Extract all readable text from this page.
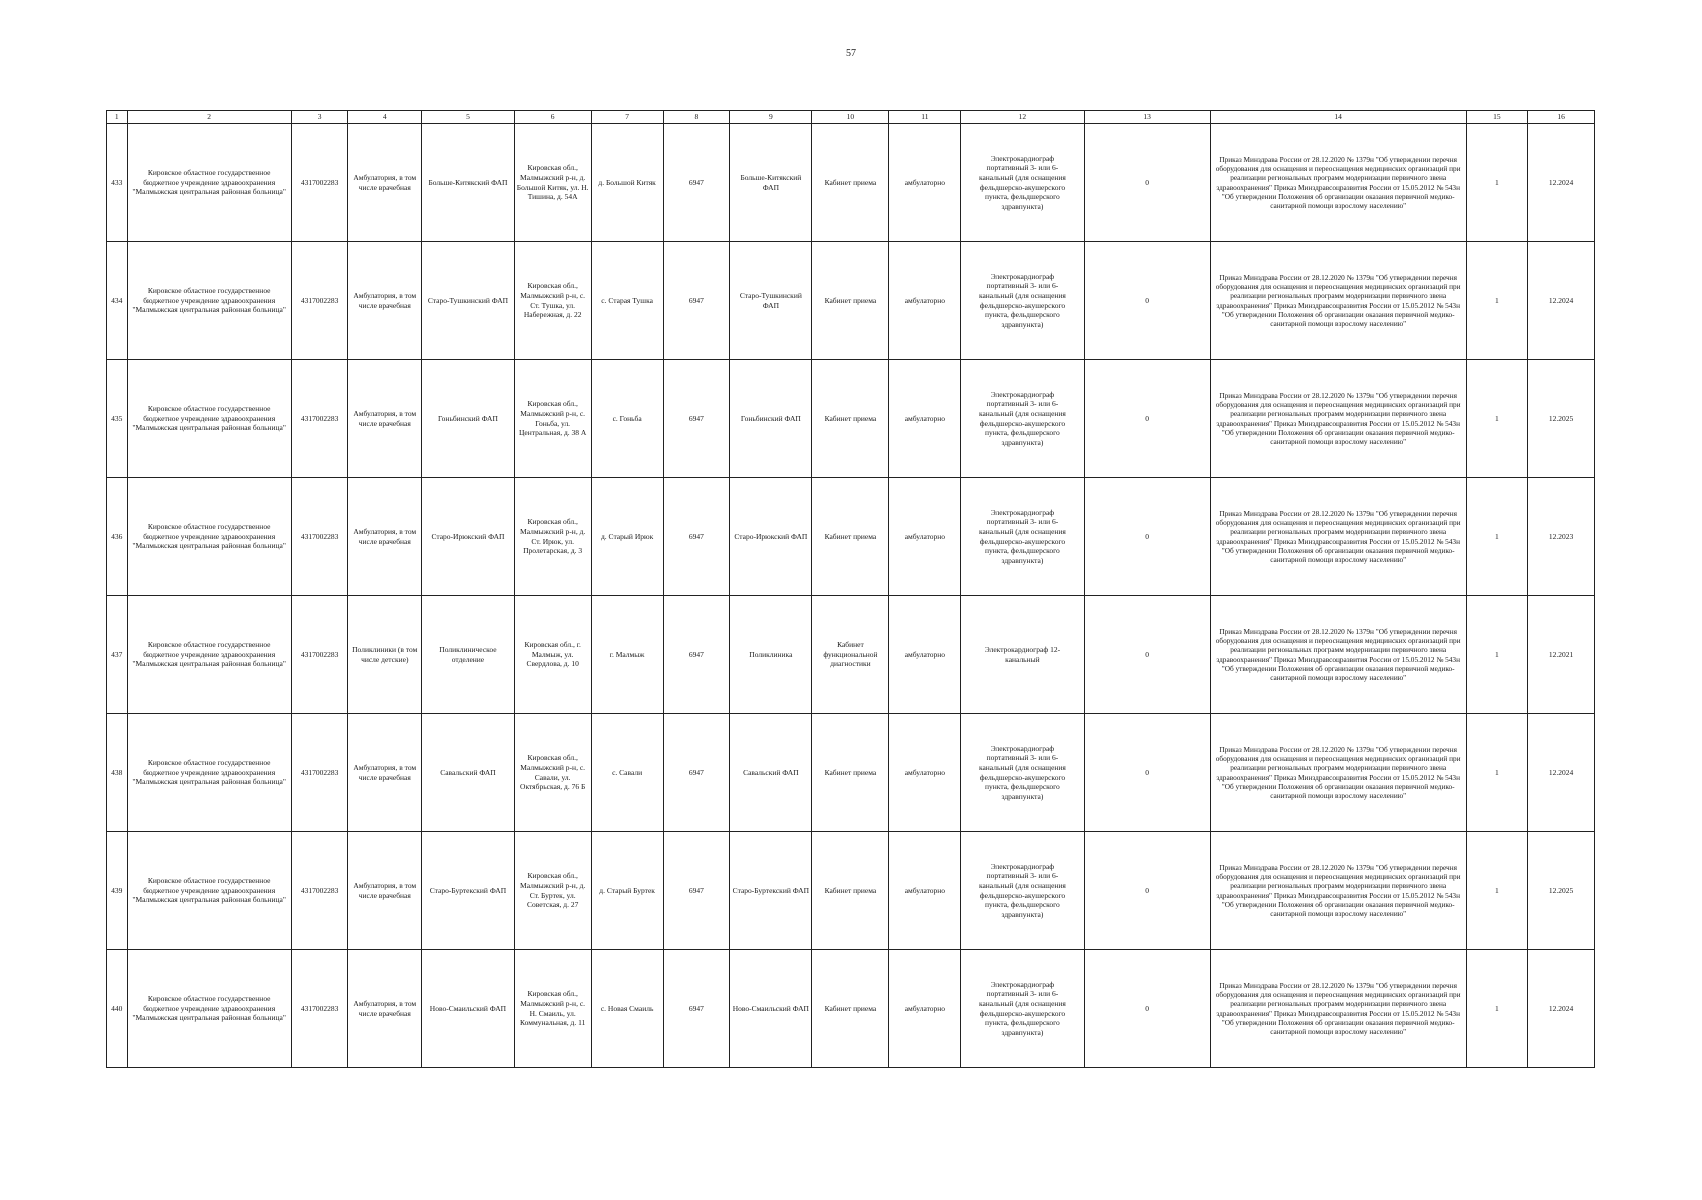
57
1	2	3	4	5	6	7	8	9	10	11	12	13	14	15	16
433	Кировское областное государственное бюджетное учреждение здравоохранения "Малмыжская центральная районная больница"	4317002283	Амбулатория, в том числе врачебная	Больше-Китякский ФАП	Кировская обл., Малмыжский р-н, д. Большой Китяк, ул. Н. Тишина, д. 54А	д. Большой Китяк	6947	Больше-Китякский ФАП	Кабинет приема	амбулаторно	Электрокардиограф портативный 3- или 6-канальный (для оснащения фельдшерско-акушерского пункта, фельдшерского здравпункта)	0	Приказ Минздрава России от 28.12.2020 № 1379н "Об утверждении перечня оборудования для оснащения и переоснащения медицинских организаций при реализации региональных программ модернизации первичного звена здравоохранения" Приказ Минздравсоцразвития России от 15.05.2012 № 543н "Об утверждении Положения об организации оказания первичной медико-санитарной помощи взрослому населению"	1	12.2024
434	Кировское областное государственное бюджетное учреждение здравоохранения "Малмыжская центральная районная больница"	4317002283	Амбулатория, в том числе врачебная	Старо-Тушкинский ФАП	Кировская обл., Малмыжский р-н, с. Ст. Тушка, ул. Набережная, д. 22	с. Старая Тушка	6947	Старо-Тушкинский ФАП	Кабинет приема	амбулаторно	Электрокардиограф портативный 3- или 6-канальный (для оснащения фельдшерско-акушерского пункта, фельдшерского здравпункта)	0	Приказ Минздрава России от 28.12.2020 № 1379н "Об утверждении перечня оборудования для оснащения и переоснащения медицинских организаций при реализации региональных программ модернизации первичного звена здравоохранения" Приказ Минздравсоцразвития России от 15.05.2012 № 543н "Об утверждении Положения об организации оказания первичной медико-санитарной помощи взрослому населению"	1	12.2024
435	Кировское областное государственное бюджетное учреждение здравоохранения "Малмыжская центральная районная больница"	4317002283	Амбулатория, в том числе врачебная	Гоньбинский ФАП	Кировская обл., Малмыжский р-н, с. Гоньба, ул. Центральная, д. 38 А	с. Гоньба	6947	Гоньбинский ФАП	Кабинет приема	амбулаторно	Электрокардиограф портативный 3- или 6-канальный (для оснащения фельдшерско-акушерского пункта, фельдшерского здравпункта)	0	Приказ Минздрава России от 28.12.2020 № 1379н "Об утверждении перечня оборудования для оснащения и переоснащения медицинских организаций при реализации региональных программ модернизации первичного звена здравоохранения" Приказ Минздравсоцразвития России от 15.05.2012 № 543н "Об утверждении Положения об организации оказания первичной медико-санитарной помощи взрослому населению"	1	12.2025
436	Кировское областное государственное бюджетное учреждение здравоохранения "Малмыжская центральная районная больница"	4317002283	Амбулатория, в том числе врачебная	Старо-Ирюкский ФАП	Кировская обл., Малмыжский р-н, д. Ст. Ирюк, ул. Пролетарская, д. 3	д. Старый Ирюк	6947	Старо-Ирюкский ФАП	Кабинет приема	амбулаторно	Электрокардиограф портативный 3- или 6-канальный (для оснащения фельдшерско-акушерского пункта, фельдшерского здравпункта)	0	Приказ Минздрава России от 28.12.2020 № 1379н "Об утверждении перечня оборудования для оснащения и переоснащения медицинских организаций при реализации региональных программ модернизации первичного звена здравоохранения" Приказ Минздравсоцразвития России от 15.05.2012 № 543н "Об утверждении Положения об организации оказания первичной медико-санитарной помощи взрослому населению"	1	12.2023
437	Кировское областное государственное бюджетное учреждение здравоохранения "Малмыжская центральная районная больница"	4317002283	Поликлиники (в том числе детские)	Поликлиническое отделение	Кировская обл., г. Малмыж, ул. Свердлова, д. 10	г. Малмыж	6947	Поликлиника	Кабинет функциональной диагностики	амбулаторно	Электрокардиограф 12-канальный	0	Приказ Минздрава России от 28.12.2020 № 1379н "Об утверждении перечня оборудования для оснащения и переоснащения медицинских организаций при реализации региональных программ модернизации первичного звена здравоохранения" Приказ Минздравсоцразвития России от 15.05.2012 № 543н "Об утверждении Положения об организации оказания первичной медико-санитарной помощи взрослому населению"	1	12.2021
438	Кировское областное государственное бюджетное учреждение здравоохранения "Малмыжская центральная районная больница"	4317002283	Амбулатория, в том числе врачебная	Савальский ФАП	Кировская обл., Малмыжский р-н, с. Савали, ул. Октябрьская, д. 76 Б	с. Савали	6947	Савальский ФАП	Кабинет приема	амбулаторно	Электрокардиограф портативный 3- или 6-канальный (для оснащения фельдшерско-акушерского пункта, фельдшерского здравпункта)	0	Приказ Минздрава России от 28.12.2020 № 1379н "Об утверждении перечня оборудования для оснащения и переоснащения медицинских организаций при реализации региональных программ модернизации первичного звена здравоохранения" Приказ Минздравсоцразвития России от 15.05.2012 № 543н "Об утверждении Положения об организации оказания первичной медико-санитарной помощи взрослому населению"	1	12.2024
439	Кировское областное государственное бюджетное учреждение здравоохранения "Малмыжская центральная районная больница"	4317002283	Амбулатория, в том числе врачебная	Старо-Буртекский ФАП	Кировская обл., Малмыжский р-н, д. Ст. Буртек, ул. Советская, д. 27	д. Старый Буртек	6947	Старо-Буртекский ФАП	Кабинет приема	амбулаторно	Электрокардиограф портативный 3- или 6-канальный (для оснащения фельдшерско-акушерского пункта, фельдшерского здравпункта)	0	Приказ Минздрава России от 28.12.2020 № 1379н "Об утверждении перечня оборудования для оснащения и переоснащения медицинских организаций при реализации региональных программ модернизации первичного звена здравоохранения" Приказ Минздравсоцразвития России от 15.05.2012 № 543н "Об утверждении Положения об организации оказания первичной медико-санитарной помощи взрослому населению"	1	12.2025
440	Кировское областное государственное бюджетное учреждение здравоохранения "Малмыжская центральная районная больница"	4317002283	Амбулатория, в том числе врачебная	Ново-Смаильский ФАП	Кировская обл., Малмыжский р-н, с. Н. Смаиль, ул. Коммунальная, д. 11	с. Новая Смаиль	6947	Ново-Смаильский ФАП	Кабинет приема	амбулаторно	Электрокардиограф портативный 3- или 6-канальный (для оснащения фельдшерско-акушерского пункта, фельдшерского здравпункта)	0	Приказ Минздрава России от 28.12.2020 № 1379н "Об утверждении перечня оборудования для оснащения и переоснащения медицинских организаций при реализации региональных программ модернизации первичного звена здравоохранения" Приказ Минздравсоцразвития России от 15.05.2012 № 543н "Об утверждении Положения об организации оказания первичной медико-санитарной помощи взрослому населению"	1	12.2024
